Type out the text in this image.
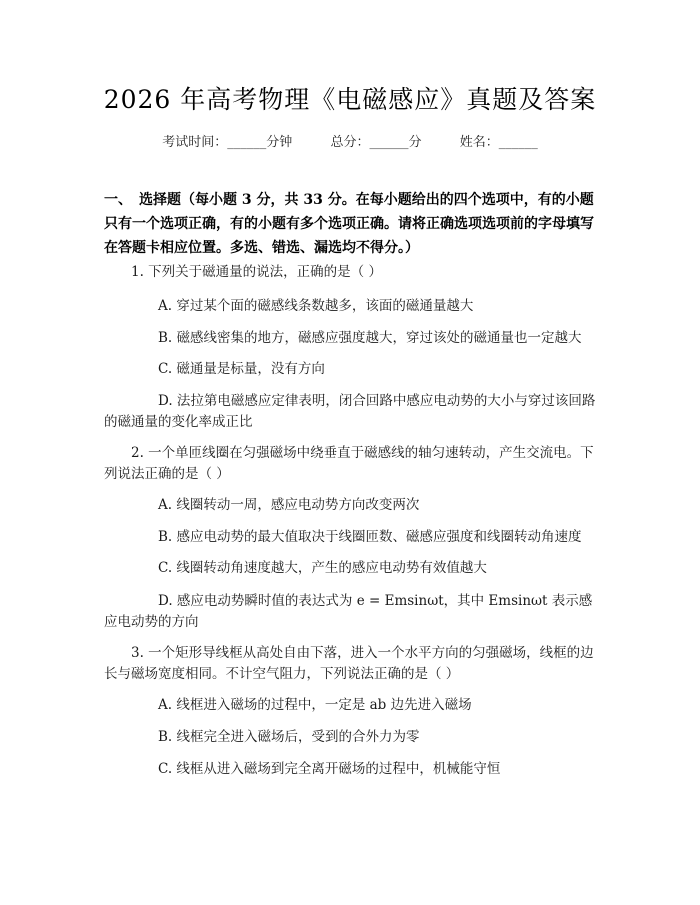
2026 年高考物理《电磁感应》真题及答案
考试时间：______分钟	总分：______分	姓名：______
一、　选择题（每小题 3 分，共 33 分。在每小题给出的四个选项中，有的小题只有一个选项正确，有的小题有多个选项正确。请将正确选项选项前的字母填写在答题卡相应位置。多选、错选、漏选均不得分。）
1. 下列关于磁通量的说法，正确的是（ ）
A. 穿过某个面的磁感线条数越多，该面的磁通量越大
B. 磁感线密集的地方，磁感应强度越大，穿过该处的磁通量也一定越大
C. 磁通量是标量，没有方向
D. 法拉第电磁感应定律表明，闭合回路中感应电动势的大小与穿过该回路的磁通量的变化率成正比
2. 一个单匝线圈在匀强磁场中绕垂直于磁感线的轴匀速转动，产生交流电。下列说法正确的是（ ）
A. 线圈转动一周，感应电动势方向改变两次
B. 感应电动势的最大值取决于线圈匝数、磁感应强度和线圈转动角速度
C. 线圈转动角速度越大，产生的感应电动势有效值越大
D. 感应电动势瞬时值的表达式为 e = Emsinωt，其中 Emsinωt 表示感应电动势的方向
3. 一个矩形导线框从高处自由下落，进入一个水平方向的匀强磁场，线框的边长与磁场宽度相同。不计空气阻力，下列说法正确的是（ ）
A. 线框进入磁场的过程中，一定是 ab 边先进入磁场
B. 线框完全进入磁场后，受到的合外力为零
C. 线框从进入磁场到完全离开磁场的过程中，机械能守恒
